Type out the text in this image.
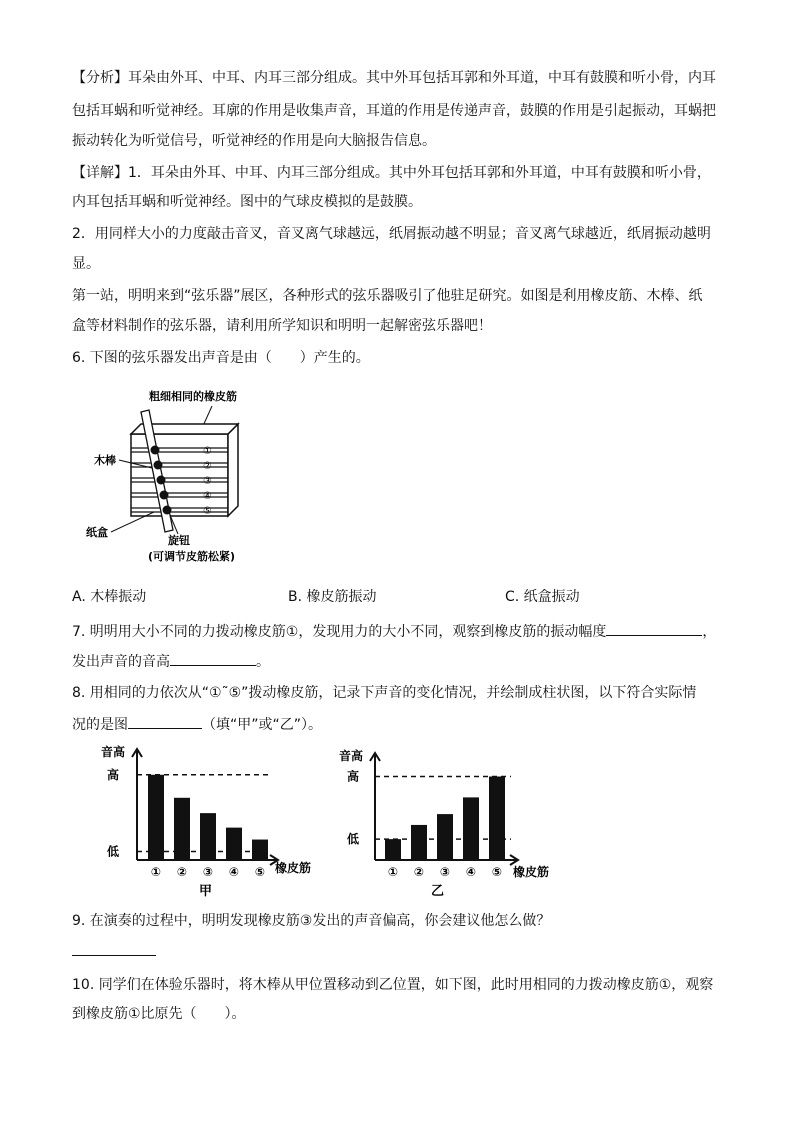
【分析】耳朵由外耳、中耳、内耳三部分组成。其中外耳包括耳郭和外耳道，中耳有鼓膜和听小骨，内耳
包括耳蜗和听觉神经。耳廓的作用是收集声音，耳道的作用是传递声音，鼓膜的作用是引起振动，耳蜗把
振动转化为听觉信号，听觉神经的作用是向大脑报告信息。
【详解】1．耳朵由外耳、中耳、内耳三部分组成。其中外耳包括耳郭和外耳道，中耳有鼓膜和听小骨，
内耳包括耳蜗和听觉神经。图中的气球皮模拟的是鼓膜。
2．用同样大小的力度敲击音叉，音叉离气球越远，纸屑振动越不明显；音叉离气球越近，纸屑振动越明
显。
第一站，明明来到“弦乐器”展区，各种形式的弦乐器吸引了他驻足研究。如图是利用橡皮筋、木棒、纸
盒等材料制作的弦乐器，请利用所学知识和明明一起解密弦乐器吧！
6. 下图的弦乐器发出声音是由（　　）产生的。
粗细相同的橡皮筋
①
②
③
④
⑤
木棒
纸盒
旋钮
(可调节皮筋松紧)
A. 木棒振动	B. 橡皮筋振动	C. 纸盒振动
7. 明明用大小不同的力拨动橡皮筋①，发现用力的大小不同，观察到橡皮筋的振动幅度	，
发出声音的音高	。
8. 用相同的力依次从“①˜⑤”拨动橡皮筋，记录下声音的变化情况，并绘制成柱状图，以下符合实际情
况的是图	（填“甲”或“乙”）。
音高
高
低
① ② ③ ④ ⑤ 橡皮筋
甲
音高
高
低
① ② ③ ④ ⑤ 橡皮筋
乙
9. 在演奏的过程中，明明发现橡皮筋③发出的声音偏高，你会建议他怎么做？
10. 同学们在体验乐器时，将木棒从甲位置移动到乙位置，如下图，此时用相同的力拨动橡皮筋①，观察
到橡皮筋①比原先（　　）。
